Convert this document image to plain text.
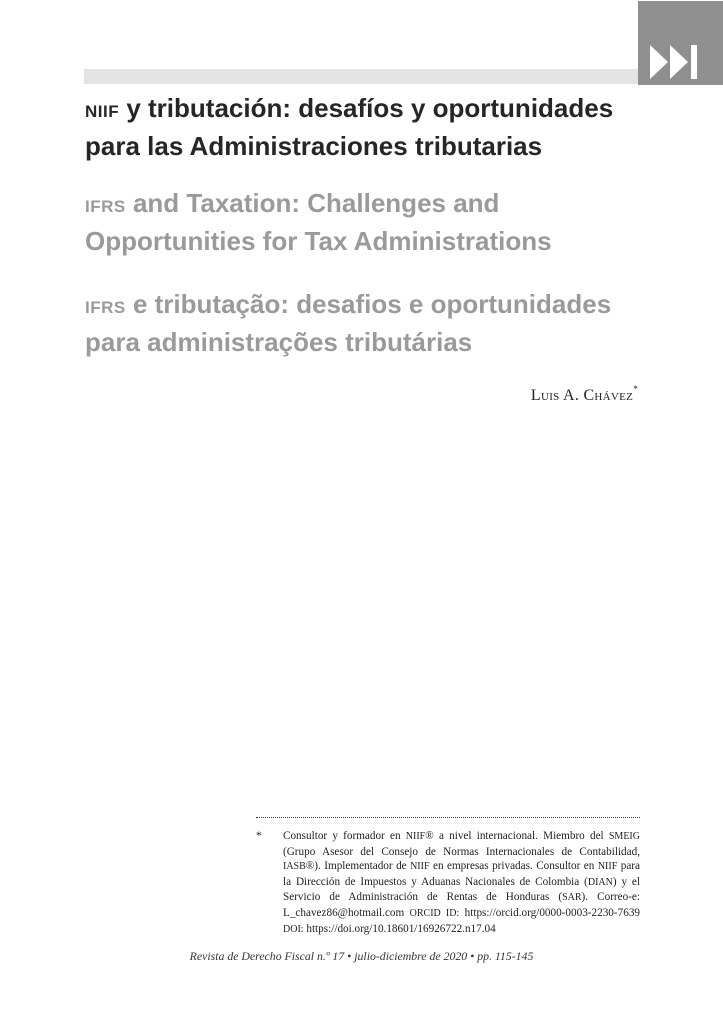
NIIF y tributación: desafíos y oportunidades
para las Administraciones tributarias
IFRS and Taxation: Challenges and
Opportunities for Tax Administrations
IFRS e tributação: desafios e oportunidades
para administrações tributárias
Luis A. Chávez*
* Consultor y formador en NIIF® a nivel internacional. Miembro del SMEIG (Grupo Asesor del Consejo de Normas Internacionales de Contabilidad, IASB®). Implementador de NIIF en empresas privadas. Consultor en NIIF para la Dirección de Impuestos y Aduanas Nacionales de Colombia (DIAN) y el Servicio de Administración de Rentas de Honduras (SAR). Correo-e: L_chavez86@hotmail.com ORCID ID: https://orcid.org/0000-0003-2230-7639 DOI: https://doi.org/10.18601/16926722.n17.04
Revista de Derecho Fiscal n.º 17 • julio-diciembre de 2020 • pp. 115-145
